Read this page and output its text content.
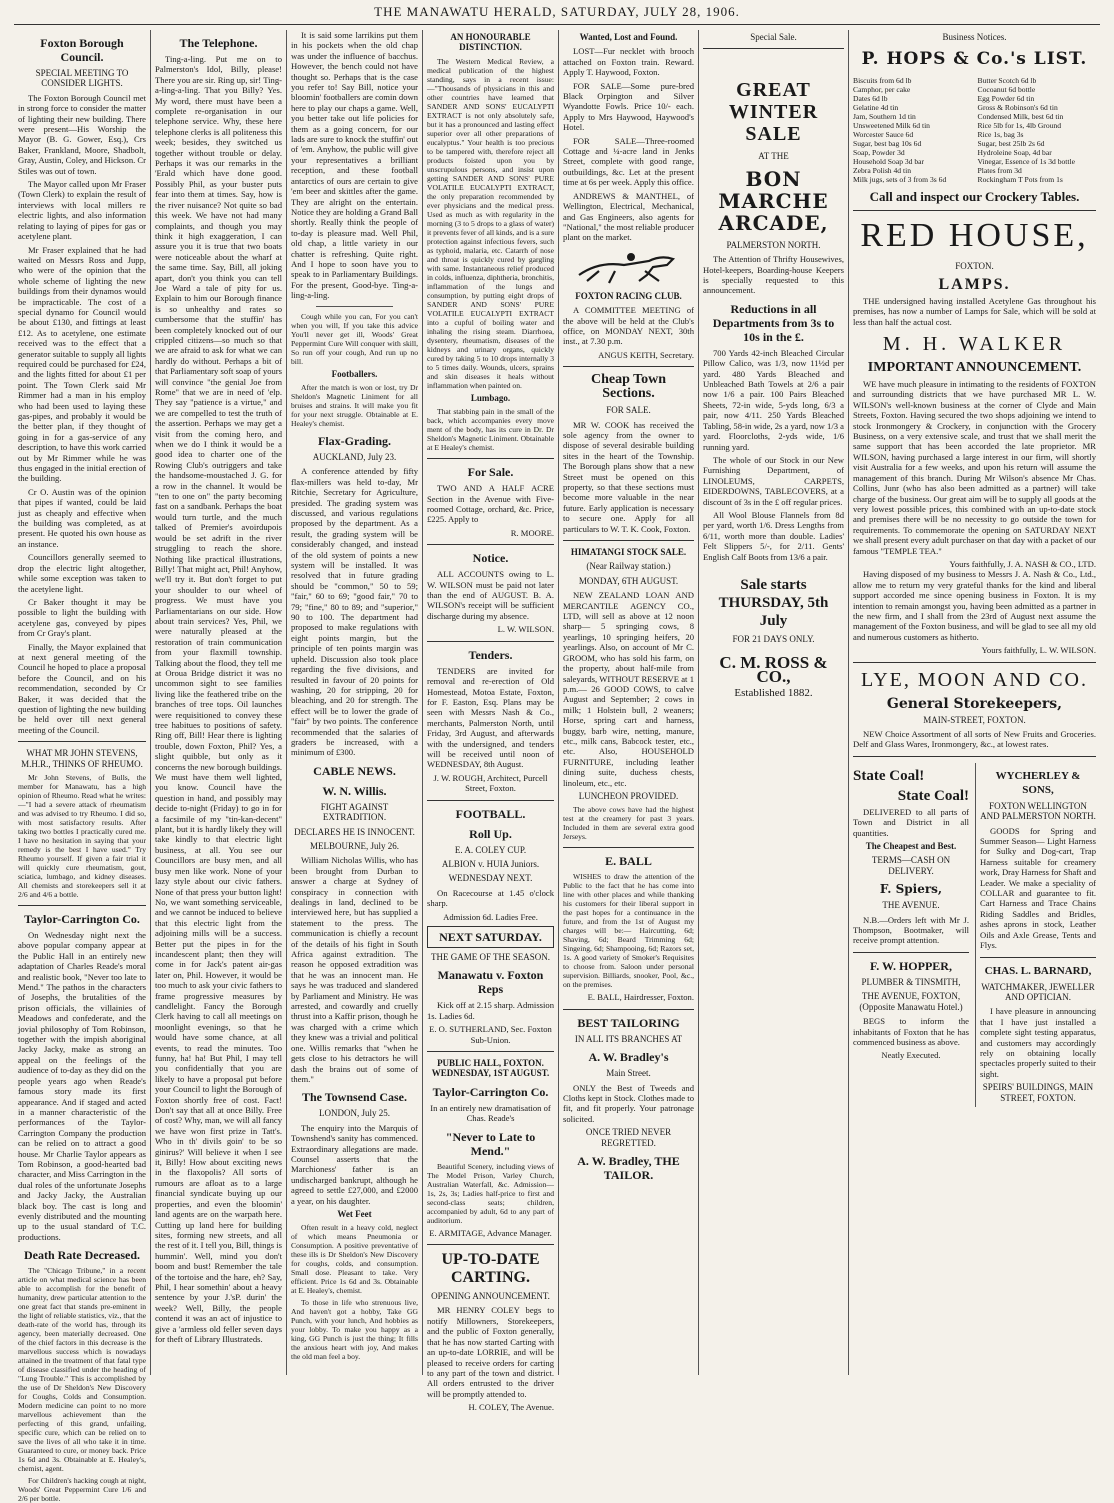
THE MANAWATU HERALD, SATURDAY, JULY 28, 1906.
Foxton Borough Council.
SPECIAL MEETING TO CONSIDER LIGHTS.

The Foxton Borough Council met in strong force to consider the matter of lighting their new building. There were present—His Worship the Mayor (B. G. Gower, Esq.), Crs Baker, Frankland, Moore, Shadbolt, Gray, Austin, Coley, and Hickson. Cr Stiles was out of town.

The Mayor called upon Mr Fraser (Town Clerk) to explain the result of interviews with local millers re electric lights, and also information relating to laying of pipes for gas or acetylene plant.

Mr Fraser explained that he had waited on Messrs Ross and Jupp, who were of the opinion that the whole scheme of lighting the new buildings from their dynamos would be impracticable. The cost of a special dynamo for Council would be about £130, and fittings at least £12. As to acetylene, one estimate received was to the effect that a generator suitable to supply all lights required could be purchased for £24, and the lights fitted for about £1 per point. The Town Clerk said Mr Rimmer had a man in his employ who had been used to laying these gas-pipes, and probably it would be the better plan, if they thought of going in for a gas-service of any description, to have this work carried out by Mr Rimmer while he was thus engaged in the initial erection of the building.

Cr O. Austin was of the opinion that pipes if wanted, could be laid just as cheaply and effective when the building was completed, as at present. He quoted his own house as an instance.

Councillors generally seemed to drop the electric light altogether, while some exception was taken to the acetylene light.

Cr Baker thought it may be possible to light the building with acetylene gas, conveyed by pipes from Cr Gray's plant.

Finally, the Mayor explained that at next general meeting of the Council he hoped to place a proposal before the Council, and on his recommendation, seconded by Cr Baker, it was decided that the question of lighting the new building be held over till next general meeting of the Council.

WHAT MR JOHN STEVENS, M.H.R., THINKS OF RHEUMO.

Mr John Stevens, of Bulls, the member for Manawatu, has a high opinion of Rheumo. Read what he writes:—"I had a severe attack of rheumatism and was advised to try Rheumo. I did so, with most satisfactory results. After taking two bottles I practically cured me. I have no hesitation in saying that your remedy is the best I have used." Try Rheumo yourself. If given a fair trial it will quickly cure rheumatism, gout, sciatica, lumbago, and kidney diseases. All chemists and storekeepers sell it at 2/6 and 4/6 a bottle.

Taylor-Carrington Co.

On Wednesday night next the above popular company appear at the Public Hall in an entirely new adaptation of Charles Reade's moral and realistic book, "Never too late to Mend." The pathos in the characters of Josephs, the brutalities of the prison officials, the villainies of Meadows and confederate, and the jovial philosophy of Tom Robinson, together with the impish aboriginal Jacky Jacky, make as strong an appeal on the feelings of the audience of to-day as they did on the people years ago when Reade's famous story made its first appearance. And if staged and acted in a manner characteristic of the performances of the Taylor-Carrington Company the production can be relied on to attract a good house. Mr Charlie Taylor appears as Tom Robinson, a good-hearted bad character, and Miss Carrington in the dual roles of the unfortunate Josephs and Jacky Jacky, the Australian black boy. The cast is long and evenly distributed and the mounting up to the usual standard of T.C. productions.

Death Rate Decreased.

The "Chicago Tribune," in a recent article on what medical science has been able to accomplish for the benefit of humanity, drew particular attention to the one great fact that stands pre-eminent in the light of reliable statistics, viz., that the death-rate of the world has, through its agency, been materially decreased. One of the chief factors in this decrease is the marvellous success which is nowadays attained in the treatment of that fatal type of disease classified under the heading of "Lung Trouble." This is accomplished by the use of Dr Sheldon's New Discovery for Coughs, Colds and Consumption. Modern medicine can point to no more marvellous achievement than the perfecting of this grand, unfailing, specific cure, which can be relied on to save the lives of all who take it in time. Guaranteed to cure, or money back. Price 1s 6d and 3s. Obtainable at E. Healey's, chemist, agent.

For Children's hacking cough at night, Woods' Great Peppermint Cure 1/6 and 2/6 per bottle.

The Telephone.

Ting-a-ling. Put me on to Palmerston's Idol, Billy, please! There you are sir. Ring up, sir! Ting-a-ling-a-ling. That you Billy? Yes. My word, there must have been a complete re-organisation in our telephone service. Why, these here telephone clerks is all politeness this week; besides, they switched us together without trouble or delay. Perhaps it was our remarks in the 'Erald which have done good. Possibly Phil, as your buster puts fear into them at times. Say, how is the river nuisance? Not quite so bad this week. We have not had many complaints, and though you may think it high exaggeration, I can assure you it is true that two boats were noticeable about the wharf at the same time. Say, Bill, all joking apart, don't you think you can tell Joe Ward a tale of pity for us. Explain to him our Borough finance is so unhealthy and rates so cumbersome that the stuffin' has been completely knocked out of our crippled citizens—so much so that we are afraid to ask for what we can hardly do without. Perhaps a bit of that Parliamentary soft soap of yours will convince "the genial Joe from Rome" that we are in need of 'elp. They say "patience is a virtue," and we are compelled to test the truth of the assertion. Perhaps we may get a visit from the coming hero, and when we do I think it would be a good idea to charter one of the Rowing Club's outriggers and take the handsome-moustached J. G. for a row in the channel. It would be "ten to one on" the party becoming fast on a sandbank. Perhaps the boat would turn turtle, and the much talked of Premier's avoirdupois would be set adrift in the river struggling to reach the shore. Nothing like practical illustrations, Billy! That might act, Phil! Anyhow, we'll try it. But don't forget to put your shoulder to our wheel of progress. We must have you Parliamentarians on our side. How about train services? Yes, Phil, we were naturally pleased at the restoration of train communication from your flaxmill township. Talking about the flood, they tell me at Oroua Bridge district it was no uncommon sight to see families living like the feathered tribe on the branches of tree tops. Oil launches were requisitioned to convey these tree habitues to positions of safety. Ring off, Bill! Hear there is lighting trouble, down Foxton, Phil? Yes, a slight quibble, but only as it concerns the new borough buildings. We must have them well lighted, you know. Council have the question in hand, and possibly may decide to-night (Friday) to go in for a facsimile of my "tin-kan-decent" plant, but it is hardly likely they will take kindly to that electric light business, at all. You see our Councillors are busy men, and all busy men like work. None of your lazy style about our civic fathers. None of that press your button light! No, we want something serviceable, and we cannot be induced to believe that this electric light from the adjoining mills will be a success. Better put the pipes in for the incandescent plant; then they will come in for Jack's patent air-gas later on, Phil. However, it would be too much to ask your civic fathers to frame progressive measures by candlelight. Fancy the Borough Clerk having to call all meetings on moonlight evenings, so that he would have some chance, at all events, to read the minutes. Too funny, ha! ha! But Phil, I may tell you confidentially that you are likely to have a proposal put before your Council to light the Borough of Foxton shortly free of cost. Fact! Don't say that all at once Billy. Free of cost? Why, man, we will all fancy we have won first prize in Tatt's. Who in th' divils goin' to be so ginirus?' Will believe it when I see it, Billy! How about exciting news in the flaxopolis? All sorts of rumours are afloat as to a large financial syndicate buying up our properties, and even the bloomin' land agents are on the warpath here. Cutting up land here for building sites, forming new streets, and all the rest of it. I tell you, Bill, things is hummin'. Well, mind you don't boom and bust! Remember the tale of the tortoise and the hare, eh? Say, Phil, I hear somethin' about a heavy sentence by your J.'sP. durin' the week? Well, Billy, the people contend it was an act of injustice to give a 'armless old feller seven days for theft of Library Illustrateds.

It is said some larrikins put them in his pockets when the old chap was under the influence of bacchus. However, the bench could not have thought so. Perhaps that is the case you refer to! Say Bill, notice your bloomin' footballers are comin down here to play our chaps a game. Well, you better take out life policies for them as a going concern, for our lads are sure to knock the stuffin' out of 'em. Anyhow, the public will give your representatives a brilliant reception, and these football antarctics of ours are certain to give 'em beer and skittles after the game. They are alright on the entertain. Notice they are holding a Grand Ball shortly. Really think the people of to-day is pleasure mad. Well Phil, old chap, a little variety in our chatter is refreshing. Quite right. And I hope to soon have you to speak to in Parliamentary Buildings. For the present, Good-bye. Ting-a-ling-a-ling.

Cough while you can, For you can't when you will, If you take this advice You'll never get ill, Woods' Great Peppermint Cure Will conquer with skill, So run off your cough, And run up no bill.

Footballers.

After the match is won or lost, try Dr Sheldon's Magnetic Liniment for all bruises and strains. It will make you fit for your next struggle. Obtainable at E. Healey's chemist.

Flax-Grading.
AUCKLAND, July 23.

A conference attended by fifty flax-millers was held to-day, Mr Ritchie, Secretary for Agriculture, presided. The grading system was discussed, and various regulations proposed by the department. As a result, the grading system will be considerably changed, and instead of the old system of points a new system will be installed. It was resolved that in future grading should be "common," 50 to 59; "fair," 60 to 69; "good fair," 70 to 79; "fine," 80 to 89; and "superior," 90 to 100. The department had proposed to make regulations with eight points margin, but the principle of ten points margin was upheld. Discussion also took place regarding the five divisions, and resulted in favour of 20 points for washing, 20 for stripping, 20 for bleaching, and 20 for strength. The effect will be to lower the grade of "fair" by two points. The conference recommended that the salaries of graders be increased, with a minimum of £300.

CABLE NEWS.
W. N. Willis.
FIGHT AGAINST EXTRADITION.
DECLARES HE IS INNOCENT.
MELBOURNE, July 26.

William Nicholas Willis, who has been brought from Durban to answer a charge at Sydney of conspiracy in connection with dealings in land, declined to be interviewed here, but has supplied a statement to the press. The communication is chiefly a recount of the details of his fight in South Africa against extradition. The reason he opposed extradition was that he was an innocent man. He says he was traduced and slandered by Parliament and Ministry. He was arrested, and cowardly and cruelly thrust into a Kaffir prison, though he was charged with a crime which they knew was a trivial and political one. Willis remarks that "when he gets close to his detractors he will dash the brains out of some of them."

The Townsend Case.
LONDON, July 25.

The enquiry into the Marquis of Townshend's sanity has commenced. Extraordinary allegations are made. Counsel asserts that the Marchioness' father is an undischarged bankrupt, although he agreed to settle £27,000, and £2000 a year, on his daughter.

Wet Feet

Often result in a heavy cold, neglect of which means Pneumonia or Consumption. A positive preventative of these ills is Dr Sheldon's New Discovery for coughs, colds, and consumption. Small dose. Pleasant to take. Very efficient. Price 1s 6d and 3s. Obtainable at E. Healey's, chemist.

To those in life who strenuous live, And haven't got a hobby, Take GG Punch, with your lunch, And hobbies as your lobby. To make you happy as a king, GG Punch is just the thing; It fills the anxious heart with joy, And makes the old man feel a boy.

AN HONOURABLE DISTINCTION.

The Western Medical Review, a medical publication of the highest standing, says in a recent issue:—"Thousands of physicians in this and other countries have learned that SANDER AND SONS' EUCALYPTI EXTRACT is not only absolutely safe, but it has a pronounced and lasting effect superior over all other preparations of eucalyptus." Your health is too precious to be tampered with, therefore reject all products foisted upon you by unscrupulous persons, and insist upon getting SANDER AND SONS' PURE VOLATILE EUCALYPTI EXTRACT, the only preparation recommended by ever physicians and the medical press. Used as much as with regularity in the morning (3 to 5 drops to a glass of water) it prevents fever of all kinds, and is a sure protection against infectious fevers, such as typhoid, malaria, etc. Catarrh of nose and throat is quickly cured by gargling with same. Instantaneous relief produced in colds, influenza, diphtheria, bronchitis, inflammation of the lungs and consumption, by putting eight drops of SANDER AND SONS' PURE VOLATILE EUCALYPTI EXTRACT into a cupful of boiling water and inhaling the rising steam. Diarrhoea, dysentery, rheumatism, diseases of the kidneys and urinary organs, quickly cured by taking 5 to 10 drops internally 3 to 5 times daily. Wounds, ulcers, sprains and skin diseases it heals without inflammation when painted on.

Lumbago.

That stabbing pain in the small of the back, which accompanies every move ment of the body, has its cure in Dr. Dr Sheldon's Magnetic Liniment. Obtainable at E Healey's chemist.

For Sale.

TWO AND A HALF ACRE Section in the Avenue with Five-roomed Cottage, orchard, &c. Price, £225. Apply to

R. MOORE.
Notice.

ALL ACCOUNTS owing to L. W. WILSON must be paid not later than the end of AUGUST. B. A. WILSON's receipt will be sufficient discharge during my absence.

L. W. WILSON.
Tenders.

TENDERS are invited for removal and re-erection of Old Homestead, Motoa Estate, Foxton, for F. Easton, Esq. Plans may be seen with Messrs Nash & Co., merchants, Palmerston North, until Friday, 3rd August, and afterwards with the undersigned, and tenders will be received until noon of WEDNESDAY, 8th August.

J. W. ROUGH, Architect, Purcell Street, Foxton.
FOOTBALL.
Roll Up.
E. A. COLEY CUP.
ALBION v. HUIA Juniors.
WEDNESDAY NEXT.

On Racecourse at 1.45 o'clock sharp.

Admission 6d. Ladies Free.
NEXT SATURDAY.
THE GAME OF THE SEASON.
Manawatu v. Foxton Reps

Kick off at 2.15 sharp. Admission 1s. Ladies 6d.

E. O. SUTHERLAND, Sec. Foxton Sub-Union.
PUBLIC HALL, FOXTON. WEDNESDAY, 1ST AUGUST.
Taylor-Carrington Co.
In an entirely new dramatisation of Chas. Reade's
"Never to Late to Mend."

Beautiful Scenery, including views of The Model Prison, Varley Church, Australian Waterfall, &c. Admission—1s, 2s, 3s; Ladies half-price to first and second-class seats; children, accompanied by adult, 6d to any part of auditorium.

E. ARMITAGE, Advance Manager.
UP-TO-DATE CARTING.
OPENING ANNOUNCEMENT.

MR HENRY COLEY begs to notify Millowners, Storekeepers, and the public of Foxton generally, that he has now started Carting with an up-to-date LORRIE, and will be pleased to receive orders for carting to any part of the town and district. All orders entrusted to the driver will be promptly attended to.

H. COLEY, The Avenue.
Wanted, Lost and Found.

LOST—Fur necklet with brooch attached on Foxton train. Reward. Apply T. Haywood, Foxton.

FOR SALE—Some pure-bred Black Orpington and Silver Wyandotte Fowls. Price 10/- each. Apply to Mrs Haywood, Haywood's Hotel.

FOR SALE—Three-roomed Cottage and ¼-acre land in Jenks Street, complete with good range, outbuildings, &c. Let at the present time at 6s per week. Apply this office.

ANDREWS & MANTHEL, of Wellington, Electrical, Mechanical, and Gas Engineers, also agents for "National," the most reliable producer plant on the market.

FOXTON RACING CLUB.

A COMMITTEE MEETING of the above will be held at the Club's office, on MONDAY NEXT, 30th inst., at 7.30 p.m.

ANGUS KEITH, Secretary.
Cheap Town Sections.
FOR SALE.

MR W. COOK has received the sole agency from the owner to dispose of several desirable building sites in the heart of the Township. The Borough plans show that a new Street must be opened on this property, so that these sections must become more valuable in the near future. Early application is necessary to secure one. Apply for all particulars to W. T. K. Cook, Foxton.

HIMATANGI STOCK SALE.
(Near Railway station.)
MONDAY, 6TH AUGUST.

NEW ZEALAND LOAN AND MERCANTILE AGENCY CO., LTD, will sell as above at 12 noon sharp— 5 springing cows, 8 yearlings, 10 springing heifers, 20 yearlings. Also, on account of Mr C. GROOM, who has sold his farm, on the property, about half-mile from saleyards, WITHOUT RESERVE at 1 p.m.— 26 GOOD COWS, to calve August and September; 2 cows in milk; 1 Holstein bull, 2 weaners; Horse, spring cart and harness, buggy, barb wire, netting, manure, etc., milk cans, Babcock tester, etc., etc. Also, HOUSEHOLD FURNITURE, including leather dining suite, duchess chests, linoleum, etc., etc.

LUNCHEON PROVIDED.

The above cows have had the highest test at the creamery for past 3 years. Included in them are several extra good Jerseys.

E. BALL

WISHES to draw the attention of the Public to the fact that he has come into line with other places and while thanking his customers for their liberal support in the past hopes for a continuance in the future, and from the 1st of August my charges will be:— Haircutting, 6d; Shaving, 6d; Beard Trimming 6d; Singeing, 6d; Shampooing, 6d; Razors set, 1s. A good variety of Smoker's Requisites to choose from. Saloon under personal supervision. Billiards, snooker, Pool, &c., on the premises.

E. BALL, Hairdresser, Foxton.
BEST TAILORING
IN ALL ITS BRANCHES AT
A. W. Bradley's
Main Street.

ONLY the Best of Tweeds and Cloths kept in Stock. Clothes made to fit, and fit properly. Your patronage solicited.

ONCE TRIED NEVER REGRETTED.
A. W. Bradley, THE TAILOR.
Special Sale.
GREAT WINTER SALE
AT THE
BON MARCHE ARCADE,
PALMERSTON NORTH.

The Attention of Thrifty Housewives, Hotel-keepers, Boarding-house Keepers is specially requested to this announcement.

Reductions in all Departments from 3s to 10s in the £.

700 Yards 42-inch Bleached Circular Pillow Calico, was 1/3, now 11½d per yard. 480 Yards Bleached and Unbleached Bath Towels at 2/6 a pair now 1/6 a pair. 100 Pairs Bleached Sheets, 72-in wide, 5-yds long, 6/3 a pair, now 4/11. 250 Yards Bleached Tabling, 58-in wide, 2s a yard, now 1/3 a yard. Floorcloths, 2-yds wide, 1/6 running yard.

The whole of our Stock in our New Furnishing Department, of LINOLEUMS, CARPETS, EIDERDOWNS, TABLECOVERS, at a discount of 3s in the £ off regular prices.

All Wool Blouse Flannels from 8d per yard, worth 1/6. Dress Lengths from 6/11, worth more than double. Ladies' Felt Slippers 5/-, for 2/11. Gents' English Calf Boots from 13/6 a pair.

Sale starts THURSDAY, 5th July
FOR 21 DAYS ONLY.
C. M. ROSS & CO.,
Established 1882.
Business Notices.
P. HOPS & Co.'s LIST.
Biscuits from 6d lb	Butter Scotch 6d lb
Camphor, per cake	Cocoanut 6d bottle
Dates 6d lb	Egg Powder 6d tin
Gelatine 4d tin	Gross & Robinson's 6d tin
Jam, Southern 1d tin	Condensed Milk, best 6d tin
Unsweetened Milk 6d tin	Rice 5lb for 1s, 4lb Ground
Worcester Sauce 6d	Rice 1s, bag 3s
Sugar, best bag 10s 6d	Sugar, best 25lb 2s 6d
Soap, Powder 3d	Hydroleine Soap, 4d bar
Household Soap 3d bar	Vinegar, Essence of 1s 3d bottle
Zebra Polish 4d tin	Plates from 3d
Milk jugs, sets of 3 from 3s 6d	Rockingham T Pots from 1s
Call and inspect our Crockery Tables.
RED HOUSE,
FOXTON.
LAMPS.

THE undersigned having installed Acetylene Gas throughout his premises, has now a number of Lamps for Sale, which will be sold at less than half the actual cost.

M. H. WALKER
IMPORTANT ANNOUNCEMENT.

WE have much pleasure in intimating to the residents of FOXTON and surrounding districts that we have purchased MR L. W. WILSON's well-known business at the corner of Clyde and Main Streets, Foxton. Having secured the two shops adjoining we intend to stock Ironmongery & Crockery, in conjunction with the Grocery Business, on a very extensive scale, and trust that we shall merit the same support that has been accorded the late proprietor. MR WILSON, having purchased a large interest in our firm, will shortly visit Australia for a few weeks, and upon his return will assume the management of this branch. During Mr Wilson's absence Mr Chas. Collins, Junr (who has also been admitted as a partner) will take charge of the business. Our great aim will be to supply all goods at the very lowest possible prices, this combined with an up-to-date stock and premises there will be no necessity to go outside the town for requirements. To commemorate the opening on SATURDAY NEXT we shall present every adult purchaser on that day with a packet of our famous "TEMPLE TEA."

Yours faithfully, J. A. NASH & CO., LTD.

Having disposed of my business to Messrs J. A. Nash & Co., Ltd., allow me to return my very grateful thanks for the kind and liberal support accorded me since opening business in Foxton. It is my intention to remain amongst you, having been admitted as a partner in the new firm, and I shall from the 23rd of August next assume the management of the Foxton business, and will be glad to see all my old and numerous customers as hitherto.

Yours faithfully, L. W. WILSON.
LYE, MOON AND CO.
General Storekeepers,
MAIN-STREET, FOXTON.

NEW Choice Assortment of all sorts of New Fruits and Groceries. Delf and Glass Wares, Ironmongery, &c., at lowest rates.

State Coal!
State Coal!

DELIVERED to all parts of Town and District in all quantities.

The Cheapest and Best.
TERMS—CASH ON DELIVERY.
F. Spiers,
THE AVENUE.

N.B.—Orders left with Mr J. Thompson, Bootmaker, will receive prompt attention.

F. W. HOPPER,
PLUMBER & TINSMITH,
THE AVENUE, FOXTON, (Opposite Manawatu Hotel.)

BEGS to inform the inhabitants of Foxton that he has commenced business as above.

Neatly Executed.
WYCHERLEY & SONS,
FOXTON WELLINGTON AND PALMERSTON NORTH.

GOODS for Spring and Summer Season— Light Harness for Sulky and Dog-cart, Trap Harness suitable for creamery work, Dray Harness for Shaft and Leader. We make a speciality of COLLAR and guarantee to fit. Cart Harness and Trace Chains Riding Saddles and Bridles, ashes aprons in stock, Leather Oils and Axle Grease, Tents and Flys.

CHAS. L. BARNARD,
WATCHMAKER, JEWELLER AND OPTICIAN.

I have pleasure in announcing that I have just installed a complete sight testing apparatus, and customers may accordingly rely on obtaining locally spectacles properly suited to their sight.

SPEIRS' BUILDINGS, MAIN STREET, FOXTON.
